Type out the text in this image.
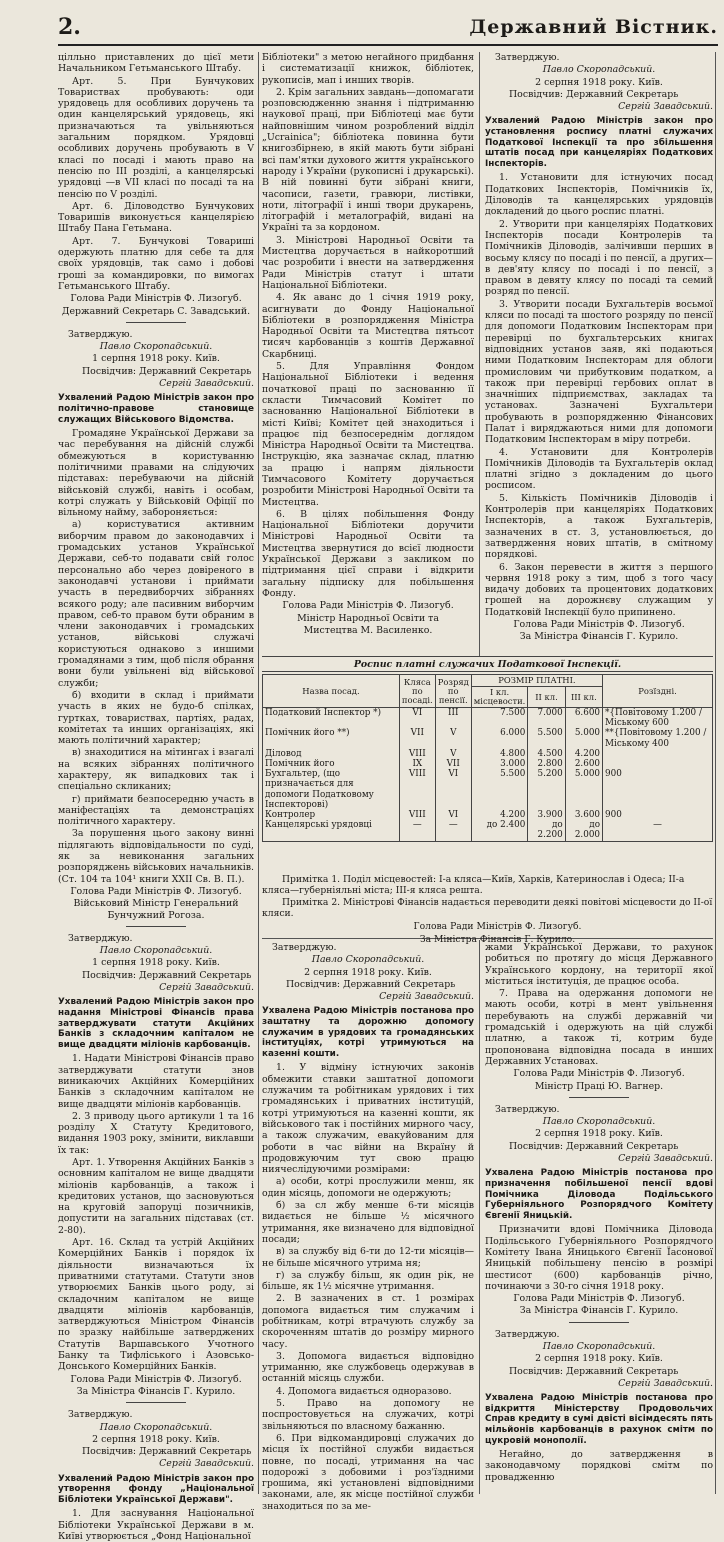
2.	Державний Вістник.

цілльно приставлених до цієї мети Начальником Гетьманського Штабу.

Арт. 5. При Бунчукових Товариствах пробувають: оди урядовець для особливих доручень та один канцелярський урядовець, які призначаються та увільняються загальним порядком. Урядовці особливих доручень пробувають в V класі по посаді і мають право на пенсію по III розділі, а канцелярські урядовці —в VII класі по посаді та на пенсію по V розділі.

Арт. 6. Діловодство Бунчукових Товаришів виконується канцелярією Штабу Пана Гетьмана.

Арт. 7. Бунчукові Товариші одержують платню для себе та для своїх урядовців, так само і добові гроші за командировки, по вимогах Гетьманського Штабу.

Голова Ради Міністрів Ф. Лизогуб.

Державний Секретарь С. Завадський.

Затверджую.

Павло Скоропадський.

1 серпня 1918 року. Київ.

Посвідчив: Державний Секретарь

Сергій Завадський.

Ухвалений Радою Міністрів закон про політично-правове становище служащих Військового Відомства.

Громадяне Української Держави за час перебування на дійсній службі обмежуються в користуванню політичними правами на слідуючих підставах: перебуваючи на дійсній військовій службі, навіть і особам, котрі служать у Військовій Офіції по вільному найму, забороняється:

а) користуватися активним виборчим правом до законодавчих і громадських установ Української Держави, себ-то подавати свій голос персонально або через довіреного в законодавчі установи і приймати участь в передвиборчих зібраннях всякого роду; але пасивним виборчим правом, себ-то правом бути обраним в члени законодавчих і громадських установ, військові служачі користуються однаково з иншими громадянами з тим, щоб після обрання вони були увільнені від військової служби;

б) входити в склад і приймати участь в яких не будо-б спілках, гуртках, товариствах, партіях, радах, комітетах та инших організаціях, які мають політичний характер;

в) знаходитися на мітингах і взагалі на всяких зібраннях політичного характеру, як випадкових так і спеціально скликаних;

г) приймати безпосередню участь в маніфестаціях та демонстраціях політичного характеру.

За порушення цього закону винні підлягають відповідальности по суді, як за невиконання загальних розпоряджень військових начальників. (Ст. 104 та 104¹ книги XXII Св. В. П.).

Голова Ради Міністрів Ф. Лизогуб.

Військовий Міністр Генеральний Бунчужний Рогоза.

Затверджую.

Павло Скоропадський.

1 серпня 1918 року. Київ.

Посвідчив: Державний Секретарь

Сергій Завадський.

Ухвалений Радою Міністрів закон про надання Міністрові Фінансів права затверджувати статути Акційних Банків з складочним капіталом не вище двадцяти міліонів карбованців.

1. Надати Міністрові Фінансів право затверджувати статути знов виникаючих Акційних Комерційних Банків з складочним капіталом не вище двадцяти міліонів карбованців.

2. З приводу цього артикули 1 та 16 розділу X Статуту Кредитового, видання 1903 року, змінити, виклавши їх так:

Арт. 1. Утворення Акційних Банків з основним капіталом не вище двадцяти міліонів карбованців, а також і кредитових установ, що засновуються на круговій запоруці позичників, допустити на загальних підставах (ст. 2-80).

Арт. 16. Склад та устрій Акційних Комерційних Банків і порядок їх діяльности визначаються їх приватними статутами. Статути знов утворюємих Банків цього роду, зі складочним капіталом не вище двадцяти міліонів карбованців, затверджуються Міністром Фінансів по зразку найбільше затверджених Статутів Варшавського Учотного Банку та Тифліського і Азовсько-Донського Комерційних Банків.

Голова Ради Міністрів Ф. Лизогуб.

За Міністра Фінансів Г. Курило.

Затверджую.

Павло Скоропадський.

2 серпня 1918 року. Київ.

Посвідчив: Державний Секретарь

Сергій Завадський.

Ухвалений Радою Міністрів закон про утворення фонду „Національної Бібліотеки Української Держави".

1. Для заснування Національної Бібліотеки Української Держави в м. Київі утворюється „Фонд Національної

Бібліотеки" з метою негайного придбання і систематизації книжок, бібліотек, рукописів, мап і инших творів.

2. Крім загальних завдань—допомагати розповсюдженню знання і підтриманню наукової праці, при Бібліотеці має бути найповнішим чином розроблений відділ „Ucrainica"; бібліотека повинна бути книгозбірнею, в якій мають бути зібрані всі пам'ятки духового життя українського народу і України (рукописні і друкарські). В ній повинні бути зібрані книги, часописи, газети, гравюри, листівки, ноти, літографії і инші твори друкарень, літографій і металографій, видані на Україні та за кордоном.

3. Міністрові Народньої Освіти та Мистецтва доручається в найкоротший час розробити і внести на затвердження Ради Міністрів статут і штати Національної Бібліотеки.

4. Як аванс до 1 січня 1919 року, асигнувати до Фонду Національної Бібліотеки в розпорядження Міністра Народньої Освіти та Мистецтва пятьсот тисяч карбованців з коштів Державної Скарбниці.

5. Для Управління Фондом Національної Бібліотеки і ведення початкової праці по заснованню її скласти Тимчасовий Комітет по заснованню Національної Бібліотеки в місті Київі; Комітет цей знаходиться і працює під безпосереднім доглядом Міністра Народньої Освіти та Мистецтва. Інструкцію, яка зазначає склад, платню за працю і напрям діяльности Тимчасового Комітету доручається розробити Міністрові Народньої Освіти та Мистецтва.

6. В цілях побільшення Фонду Національної Бібліотеки доручити Міністрові Народньої Освіти та Мистецтва звернутися до всієї людности Української Держави з закликом по підтримання цієї справи і відкрити загальну підписку для побільшення Фонду.

Голова Ради Міністрів Ф. Лизогуб.

Міністр Народньої Освіти та

Мистецтва М. Василенко.

Затверджую.

Павло Скоропадський.

2 серпня 1918 року. Київ.

Посвідчив: Державний Секретарь

Сергій Завадський.

Ухвалений Радою Міністрів закон про установлення роспису платні служачих Податкової Інспекції та про збільшення штатів посад при канцеляріях Податкових Інспекторів.

1. Установити для істнуючих посад Податкових Інспекторів, Помічників їх, Діловодів та канцелярських урядовців докладений до цього роспис платні.

2. Утворити при канцеляріях Податкових Інспекторів посади Контролерів та Помічників Діловодів, залічивши перших в восьму клясу по посаді і по пенсії, а других—в дев'яту клясу по посаді і по пенсії, з правом в девяту клясу по посаді та семий розряд по пенсії.

3. Утворити посади Бухгальтерів восьмої кляси по посаді та шостого розряду по пенсії для допомоги Податковим Інспекторам при перевірці по бухгальтерських книгах відповідних установ заяв, які подаються ними Податковим Інспекторам для облоги промисловим чи прибутковим податком, а також при перевірці гербових оплат в значніших підприємствах, закладах та установах. Зазначені Бухгальтери пробувають в розпорядженню Фінансових Палат і виряджаються ними для допомоги Податковим Інспекторам в міру потреби.

4. Установити для Контролерів Помічників Діловодів та Бухгальтерів оклад платні згідно з докладеним до цього росписом.

5. Кількість Помічників Діловодів і Контролерів при канцеляріях Податкових Інспекторів, а також Бухгальтерів, зазначених в ст. 3, установлюється, до затвердження нових штатів, в смітному порядкові.

6. Закон перевести в життя з першого червня 1918 року з тим, щоб з того часу видачу добових та процентових додаткових грошей на дорожнєву служащим у Податковій Інспекції було припинено.

Голова Ради Міністрів Ф. Лизогуб.

За Міністра Фінансів Г. Курило.

Роспис платні служачих Податкової Інспекції.
Назва посад.	Кляса по посаді.	Розряд по пенсії.	РОЗМІР ПЛАТНІ.			Розїздні.
			I кл.
місцевости.	II кл.	III кл.	
Податковий Інспектор *)	VI	III	7.500	7.000	6.600	*{Повітовому 1.200 / Міському 600
Помічник його **)	VII	V	6.000	5.500	5.000	**{Повітовому 1.200 / Міському 400
Діловод	VIII	V	4.800	4.500	4.200	
Помічник його	IX	VII	3.000	2.800	2.600	
Бухгальтер, (що призначається для допомоги Податковому Інспекторові)	VIII	VI	5.500	5.200	5.000	900
Контролер	VIII	VI	4.200	3.900	3.600	900
Канцелярські урядовці	—	—	до 2.400	до 2.200	до 2.000	—

Примітка 1. Поділ місцевостей: I-а кляса—Київ, Харків, Катеринослав і Одеса; II-а кляса—губерніяльні міста; III-я кляса решта.

Примітка 2. Міністрові Фінансів надається переводити деякі повітові місцевости до II-ої кляси.

Голова Ради Міністрів Ф. Лизогуб.

За Міністра Фінансів Г. Курило.

Затверджую.

Павло Скоропадський.

2 серпня 1918 року. Київ.

Посвідчив: Державний Секретарь

Сергій Завадський.

Ухвалена Радою Міністрів постанова про заштатну та дорожню допомогу служачим в урядових та громадянських інституціях, котрі утримуються на казенні кошти.

1. У відміну істнуючих законів обмежити ставки заштатної допомоги служачим та робітникам урядових і тих громадянських і приватних інституцій, котрі утримуються на казенні кошти, як військового так і постійних мирного часу, а також служачим, евакуйованим для роботи в час війни на Вкраїну й продовжуючим тут свою працю ниячеслідуючими розмірами:

а) особи, котрі прослужили менш, як один місяць, допомоги не одержують;

б) за сл жбу менше 6-ти місяців видається не більше ½ місячного утримання, яке визначено для відповідної посади;

в) за службу від 6-ти до 12-ти місяців—не більше місячного утрима ня;

г) за службу більш, як один рік, не більше, як 1½ місячне утримання.

2. В зазначених в ст. 1 розмірах допомога видається тим служачим і робітникам, котрі втрачують службу за скороченням штатів до розміру мирного часу.

3. Допомога видається відповідно утриманню, яке службовець одержував в останній місяць служби.

4. Допомога видається одноразово.

5. Право на допомогу не поспростовується на служачих, котрі звільняються по власному бажанню.

6. При відкомандировці служачих до місця їх постійної служби видається повне, по посаді, утримання на час подорожі з добовими і роз'їздними грошима, які установлені відповідними законами, але, як місце постійної служби знаходиться по за ме-

жами Української Держави, то рахунок робиться по протягу до місця Державного Українського кордону, на території якої міститься інституція, де працює особа.

7. Права на одержання допомоги не мають особи, котрі в мент увільнення перебувають на службі державній чи громадській і одержують на цій службі платню, а також ті, котрим буде пропонована відповідна посада в инших Державних Установах.

Голова Ради Міністрів Ф. Лизогуб.

Міністр Праці Ю. Вагнер.

Затверджую.

Павло Скоропадський.

2 серпня 1918 року. Київ.

Посвідчив: Державний Секретарь

Сергій Завадський.

Ухвалена Радою Міністрів постанова про призначення побільшеної пенсії вдові Помічника Діловода Подільського Губерніяльного Розпорядчого Комітету Євгенії Яницькій.

Призначити вдові Помічника Діловода Подільського Губерніяльного Розпорядчого Комітету Івана Яницького Євгенії Їасонової Яницькій побільшену пенсію в розмірі шестисот (600) карбованців річно, починаючи з 30-го січня 1918 року.

Голова Ради Міністрів Ф. Лизогуб.

За Міністра Фінансів Г. Курило.

Затверджую.

Павло Скоропадський.

2 серпня 1918 року. Київ.

Посвідчив: Державний Секретарь

Сергій Завадський.

Ухвалена Радою Міністрів постанова про відкриття Міністерству Продовольчих Справ кредиту в сумі двісті вісімдесять пять мільйонів карбованців в рахунок смітм по цукровій монополії.

Негайно, до затвердження в законодавчому порядкові смітм по провадженню
